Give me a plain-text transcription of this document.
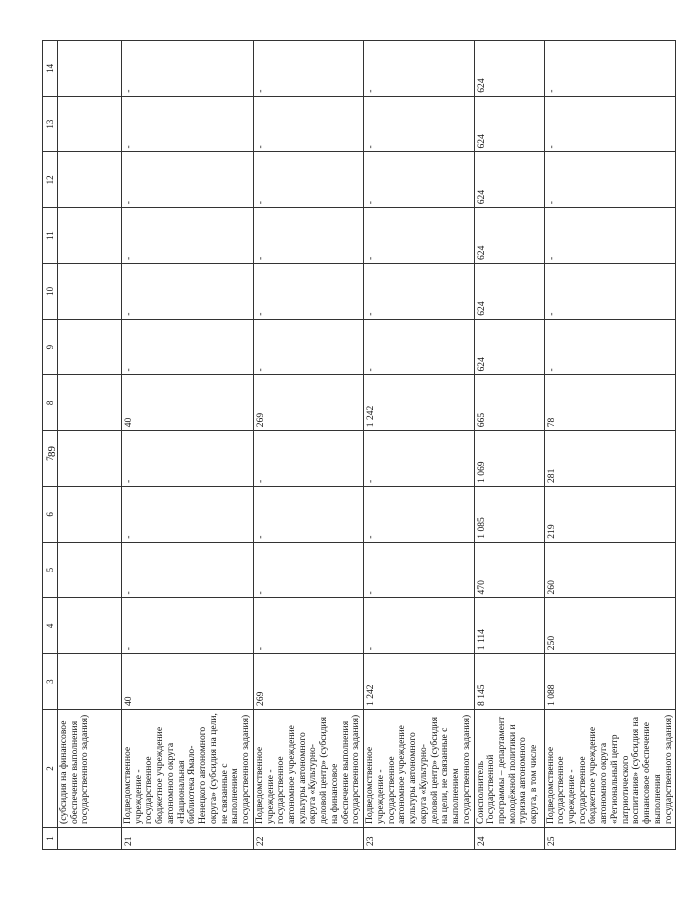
89
1	2	3	4	5	6	7	8	9	10	11	12	13	14
	(субсидия на финансовое обеспечение выполнения государственного задания)												
21	Подведомственное учреждение - государственное бюджетное учреждение автономного округа «Национальная библиотека Ямало-Ненецкого автономного округа» (субсидия на цели, не связанные с выполнением государственного задания)	40	-	-	-	-	40	-	-	-	-	-	-
22	Подведомственное учреждение - государственное автономное учреждение культуры автономного округа «Культурно-деловой центр» (субсидия на финансовое обеспечение выполнения государственного задания)	269	-	-	-	-	269	-	-	-	-	-	-
23	Подведомственное учреждение - государственное автономное учреждение культуры автономного округа «Культурно-деловой центр» (субсидия на цели, не связанные с выполнением государственного задания)	1 242	-	-	-	-	1 242	-	-	-	-	-	-
24	Соисполнитель Государственной программы – департамент молодёжной политики и туризма автономного округа, в том числе	8 145	1 114	470	1 085	1 069	665	624	624	624	624	624	624
25	Подведомственное государственное учреждение - государственное бюджетное учреждение автономного округа «Региональный центр патриотического воспитания» (субсидия на финансовое обеспечение выполнения государственного задания)	1 088	250	260	219	281	78	-	-	-	-	-	-
